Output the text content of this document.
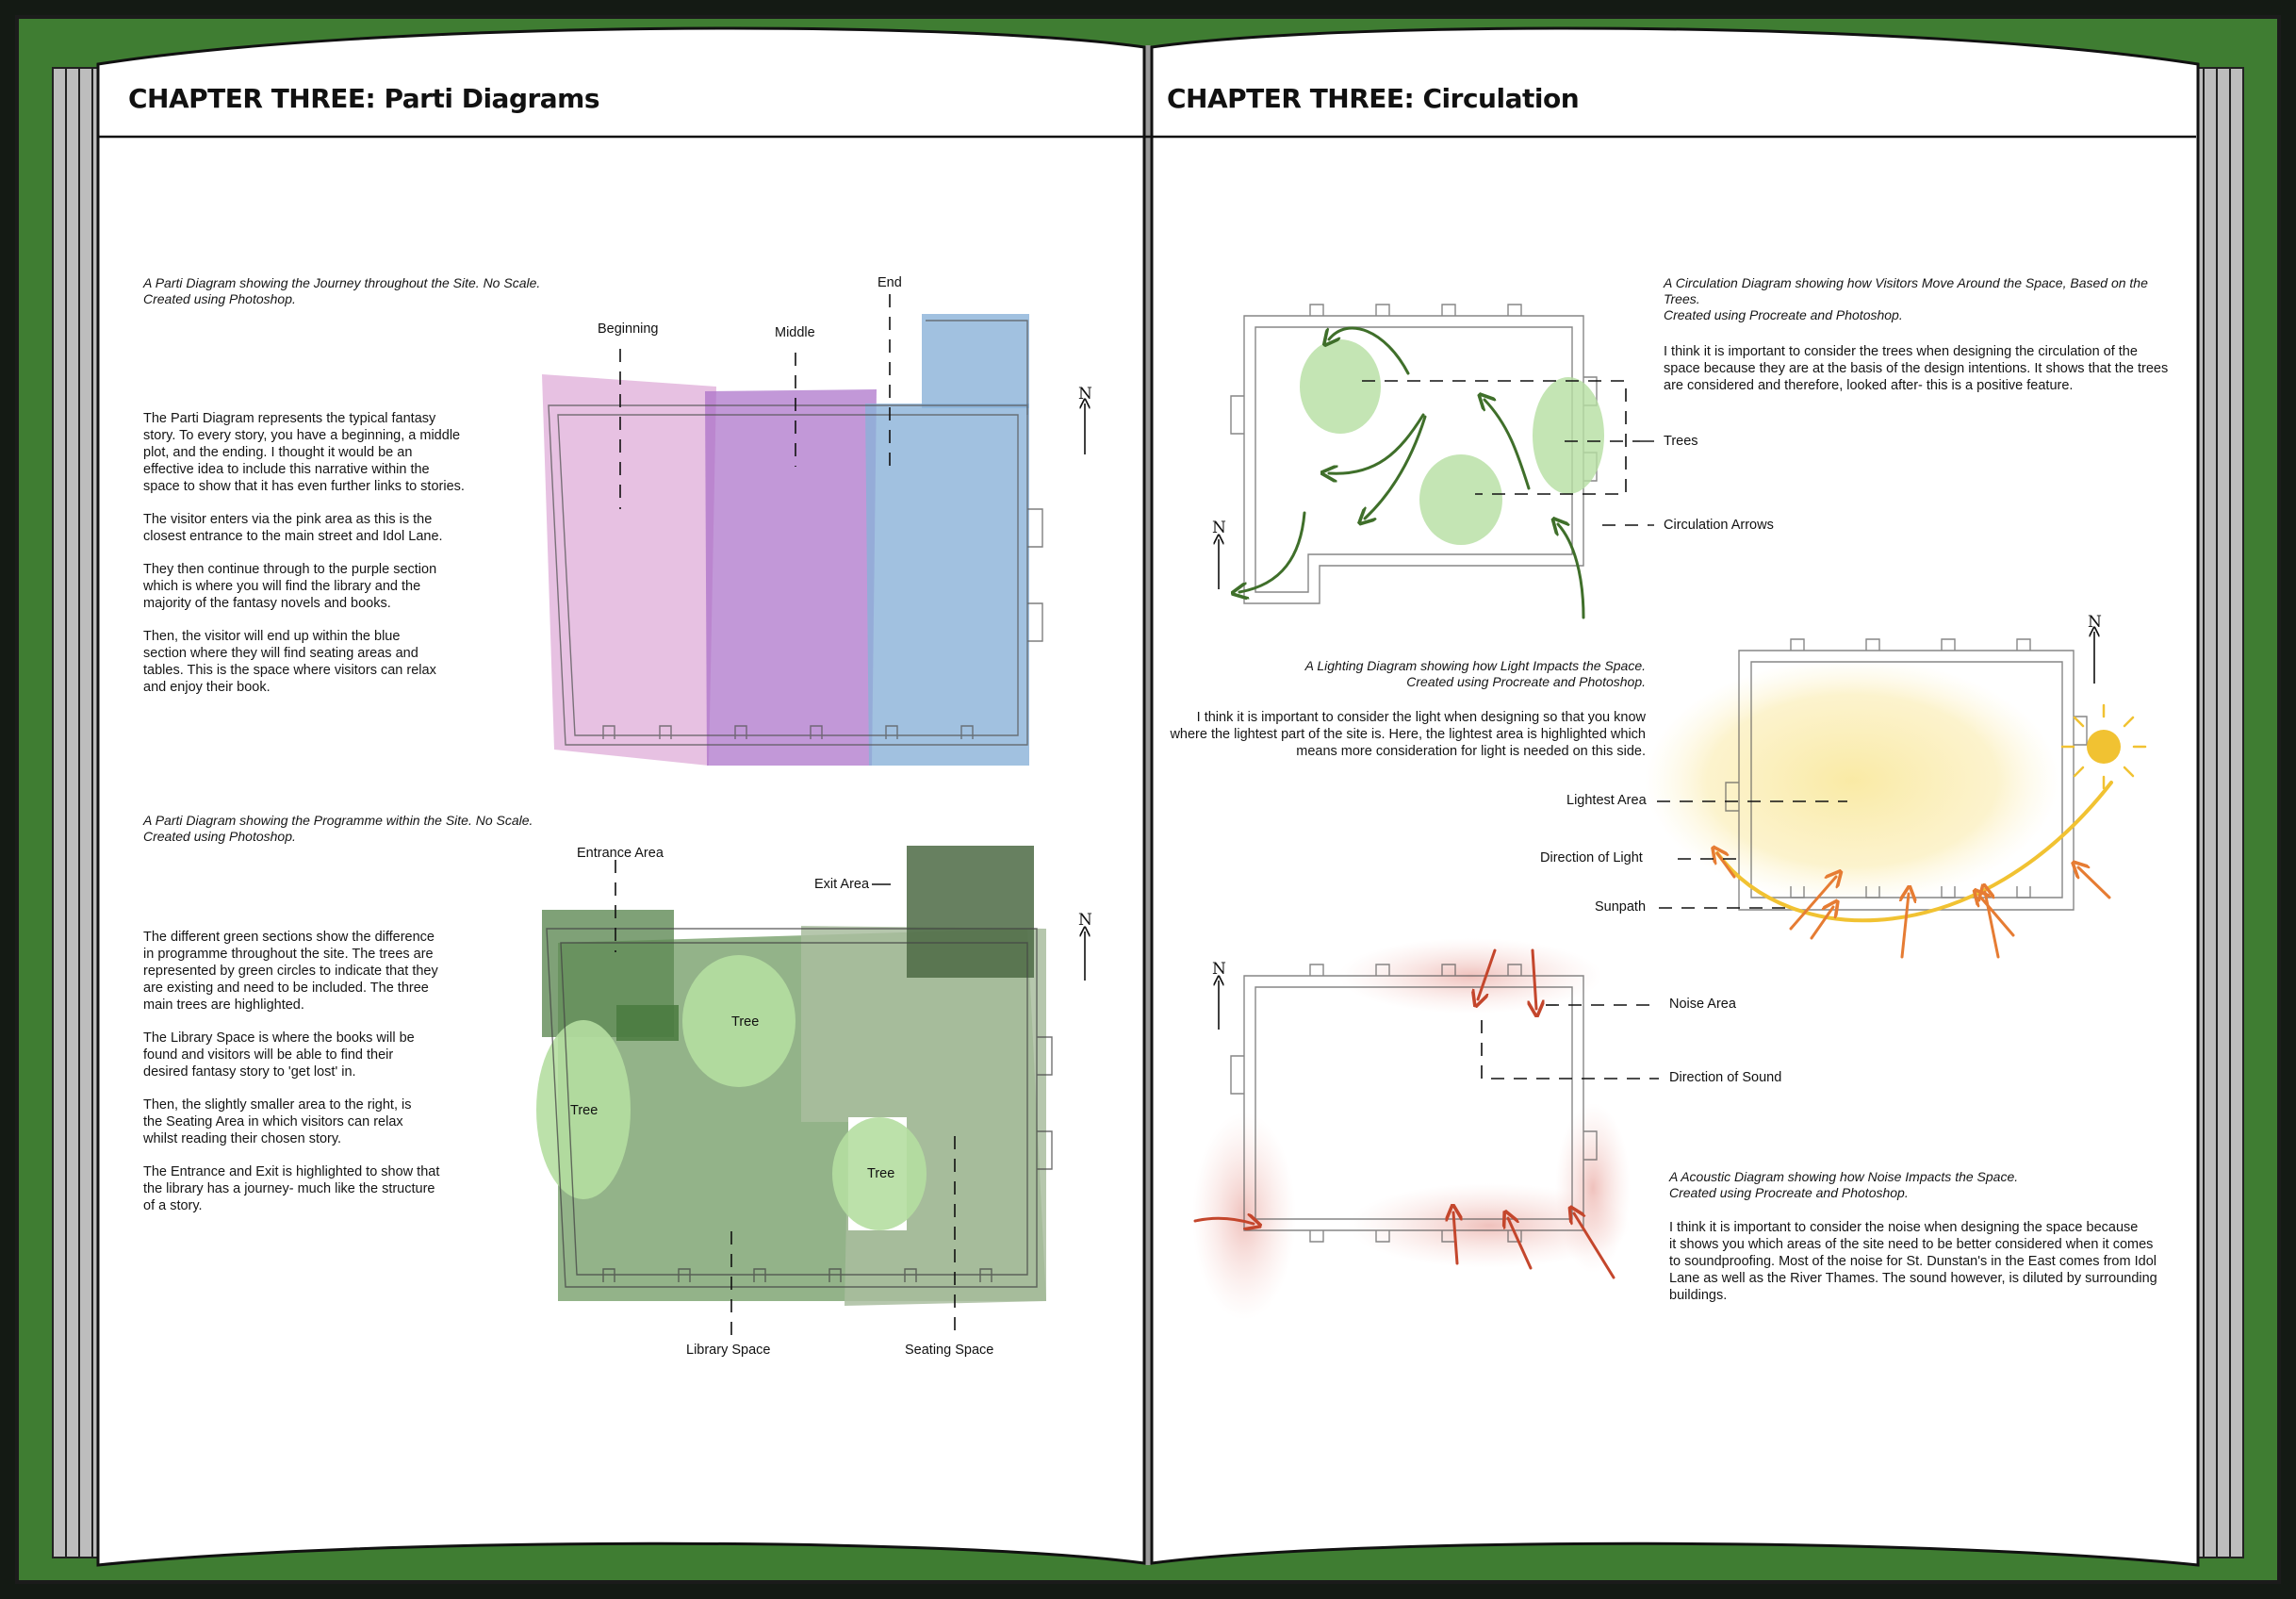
CHAPTER THREE: Parti Diagrams	CHAPTER THREE: Circulation
A Parti Diagram showing the Journey throughout the Site. No Scale.
Created using Photoshop.

The Parti Diagram represents the typical fantasy
story. To every story, you have a beginning, a middle
plot, and the ending. I thought it would be an
effective idea to include this narrative within the
space to show that it has even further links to stories.

The visitor enters via the pink area as this is the
closest entrance to the main street and Idol Lane.

They then continue through to the purple section
which is where you will find the library and the
majority of the fantasy novels and books.

Then, the visitor will end up within the blue
section where they will find seating areas and
tables. This is the space where visitors can relax
and enjoy their book.

Beginning	Middle
End
N
A Parti Diagram showing the Programme within the Site. No Scale.
Created using Photoshop.

The different green sections show the difference
in programme throughout the site. The trees are
represented by green circles to indicate that they
are existing and need to be included. The three
main trees are highlighted.

The Library Space is where the books will be
found and visitors will be able to find their
desired fantasy story to 'get lost' in.

Then, the slightly smaller area to the right, is
the Seating Area in which visitors can relax
whilst reading their chosen story.

The Entrance and Exit is highlighted to show that
the library has a journey- much like the structure
of a story.

Entrance Area
Exit Area
Tree
Tree
Tree
Library Space	Seating Space
N
A Circulation Diagram showing how Visitors Move Around the Space, Based on the
Trees.
Created using Procreate and Photoshop.
I think it is important to consider the trees when designing the circulation of the
space because they are at the basis of the design intentions. It shows that the trees
are considered and therefore, looked after- this is a positive feature.
Trees
Circulation Arrows
N
A Lighting Diagram showing how Light Impacts the Space.
Created using Procreate and Photoshop.
I think it is important to consider the light when designing so that you know
where the lightest part of the site is. Here, the lightest area is highlighted which
means more consideration for light is needed on this side.
Lightest Area
Direction of Light
Sunpath
N
Noise Area
Direction of Sound
N
A Acoustic Diagram showing how Noise Impacts the Space.
Created using Procreate and Photoshop.
I think it is important to consider the noise when designing the space because
it shows you which areas of the site need to be better considered when it comes
to soundproofing. Most of the noise for St. Dunstan's in the East comes from Idol
Lane as well as the River Thames. The sound however, is diluted by surrounding
buildings.
